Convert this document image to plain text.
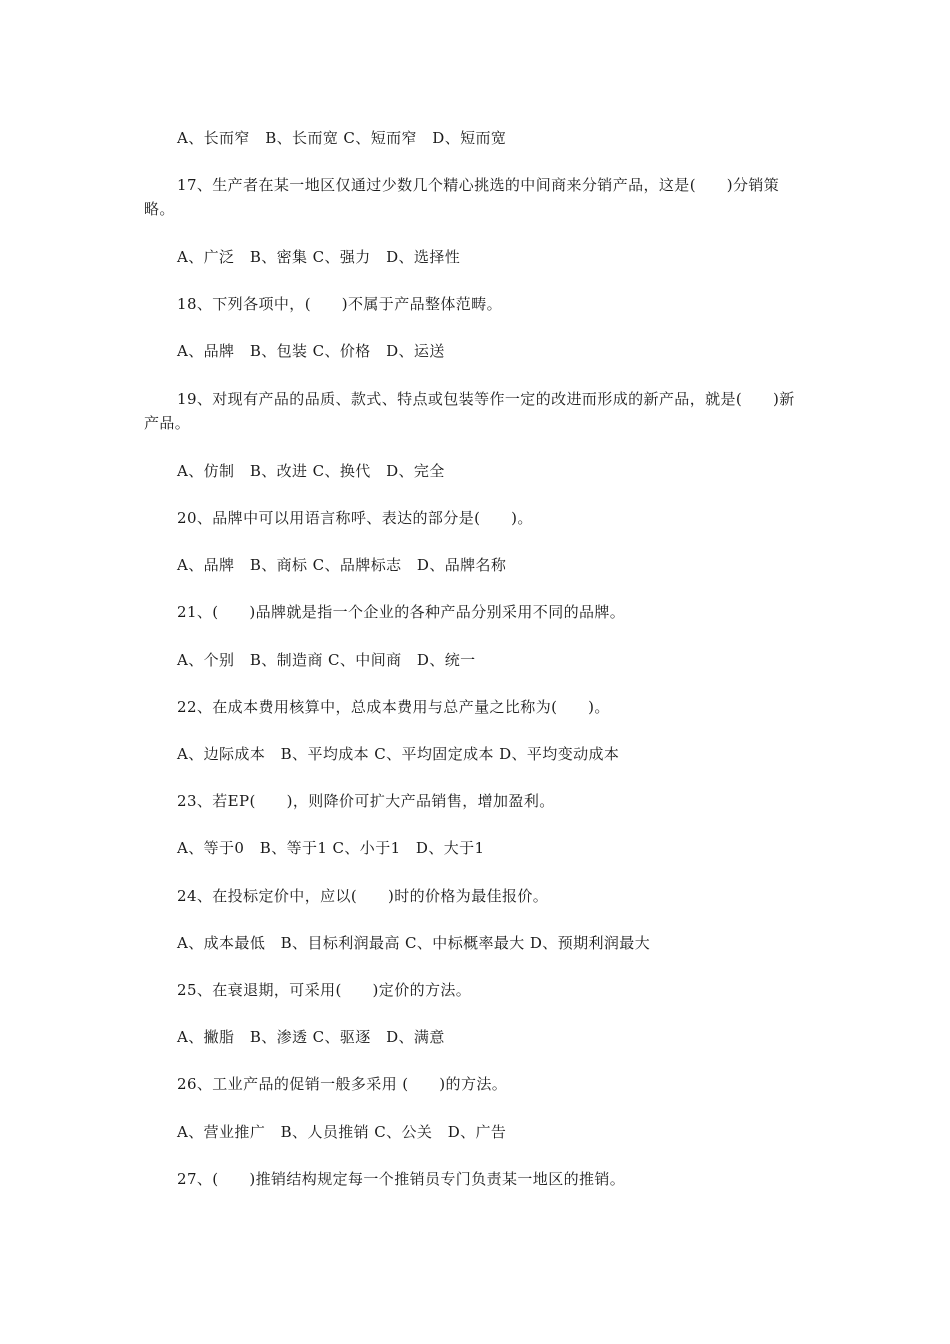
A、长而窄　B、长而宽 C、短而窄　D、短而宽
17、生产者在某一地区仅通过少数几个精心挑选的中间商来分销产品，这是(　　)分销策略。
A、广泛　B、密集 C、强力　D、选择性
18、下列各项中，(　　)不属于产品整体范畴。
A、品牌　B、包装 C、价格　D、运送
19、对现有产品的品质、款式、特点或包装等作一定的改进而形成的新产品，就是(　　)新产品。
A、仿制　B、改进 C、换代　D、完全
20、品牌中可以用语言称呼、表达的部分是(　　)。
A、品牌　B、商标 C、品牌标志　D、品牌名称
21、(　　)品牌就是指一个企业的各种产品分别采用不同的品牌。
A、个别　B、制造商 C、中间商　D、统一
22、在成本费用核算中，总成本费用与总产量之比称为(　　)。
A、边际成本　B、平均成本 C、平均固定成本 D、平均变动成本
23、若EP(　　)，则降价可扩大产品销售，增加盈利。
A、等于0　B、等于1 C、小于1　D、大于1
24、在投标定价中，应以(　　)时的价格为最佳报价。
A、成本最低　B、目标利润最高 C、中标概率最大 D、预期利润最大
25、在衰退期，可采用(　　)定价的方法。
A、撇脂　B、渗透 C、驱逐　D、满意
26、工业产品的促销一般多采用 (　　)的方法。
A、营业推广　B、人员推销 C、公关　D、广告
27、(　　)推销结构规定每一个推销员专门负责某一地区的推销。
